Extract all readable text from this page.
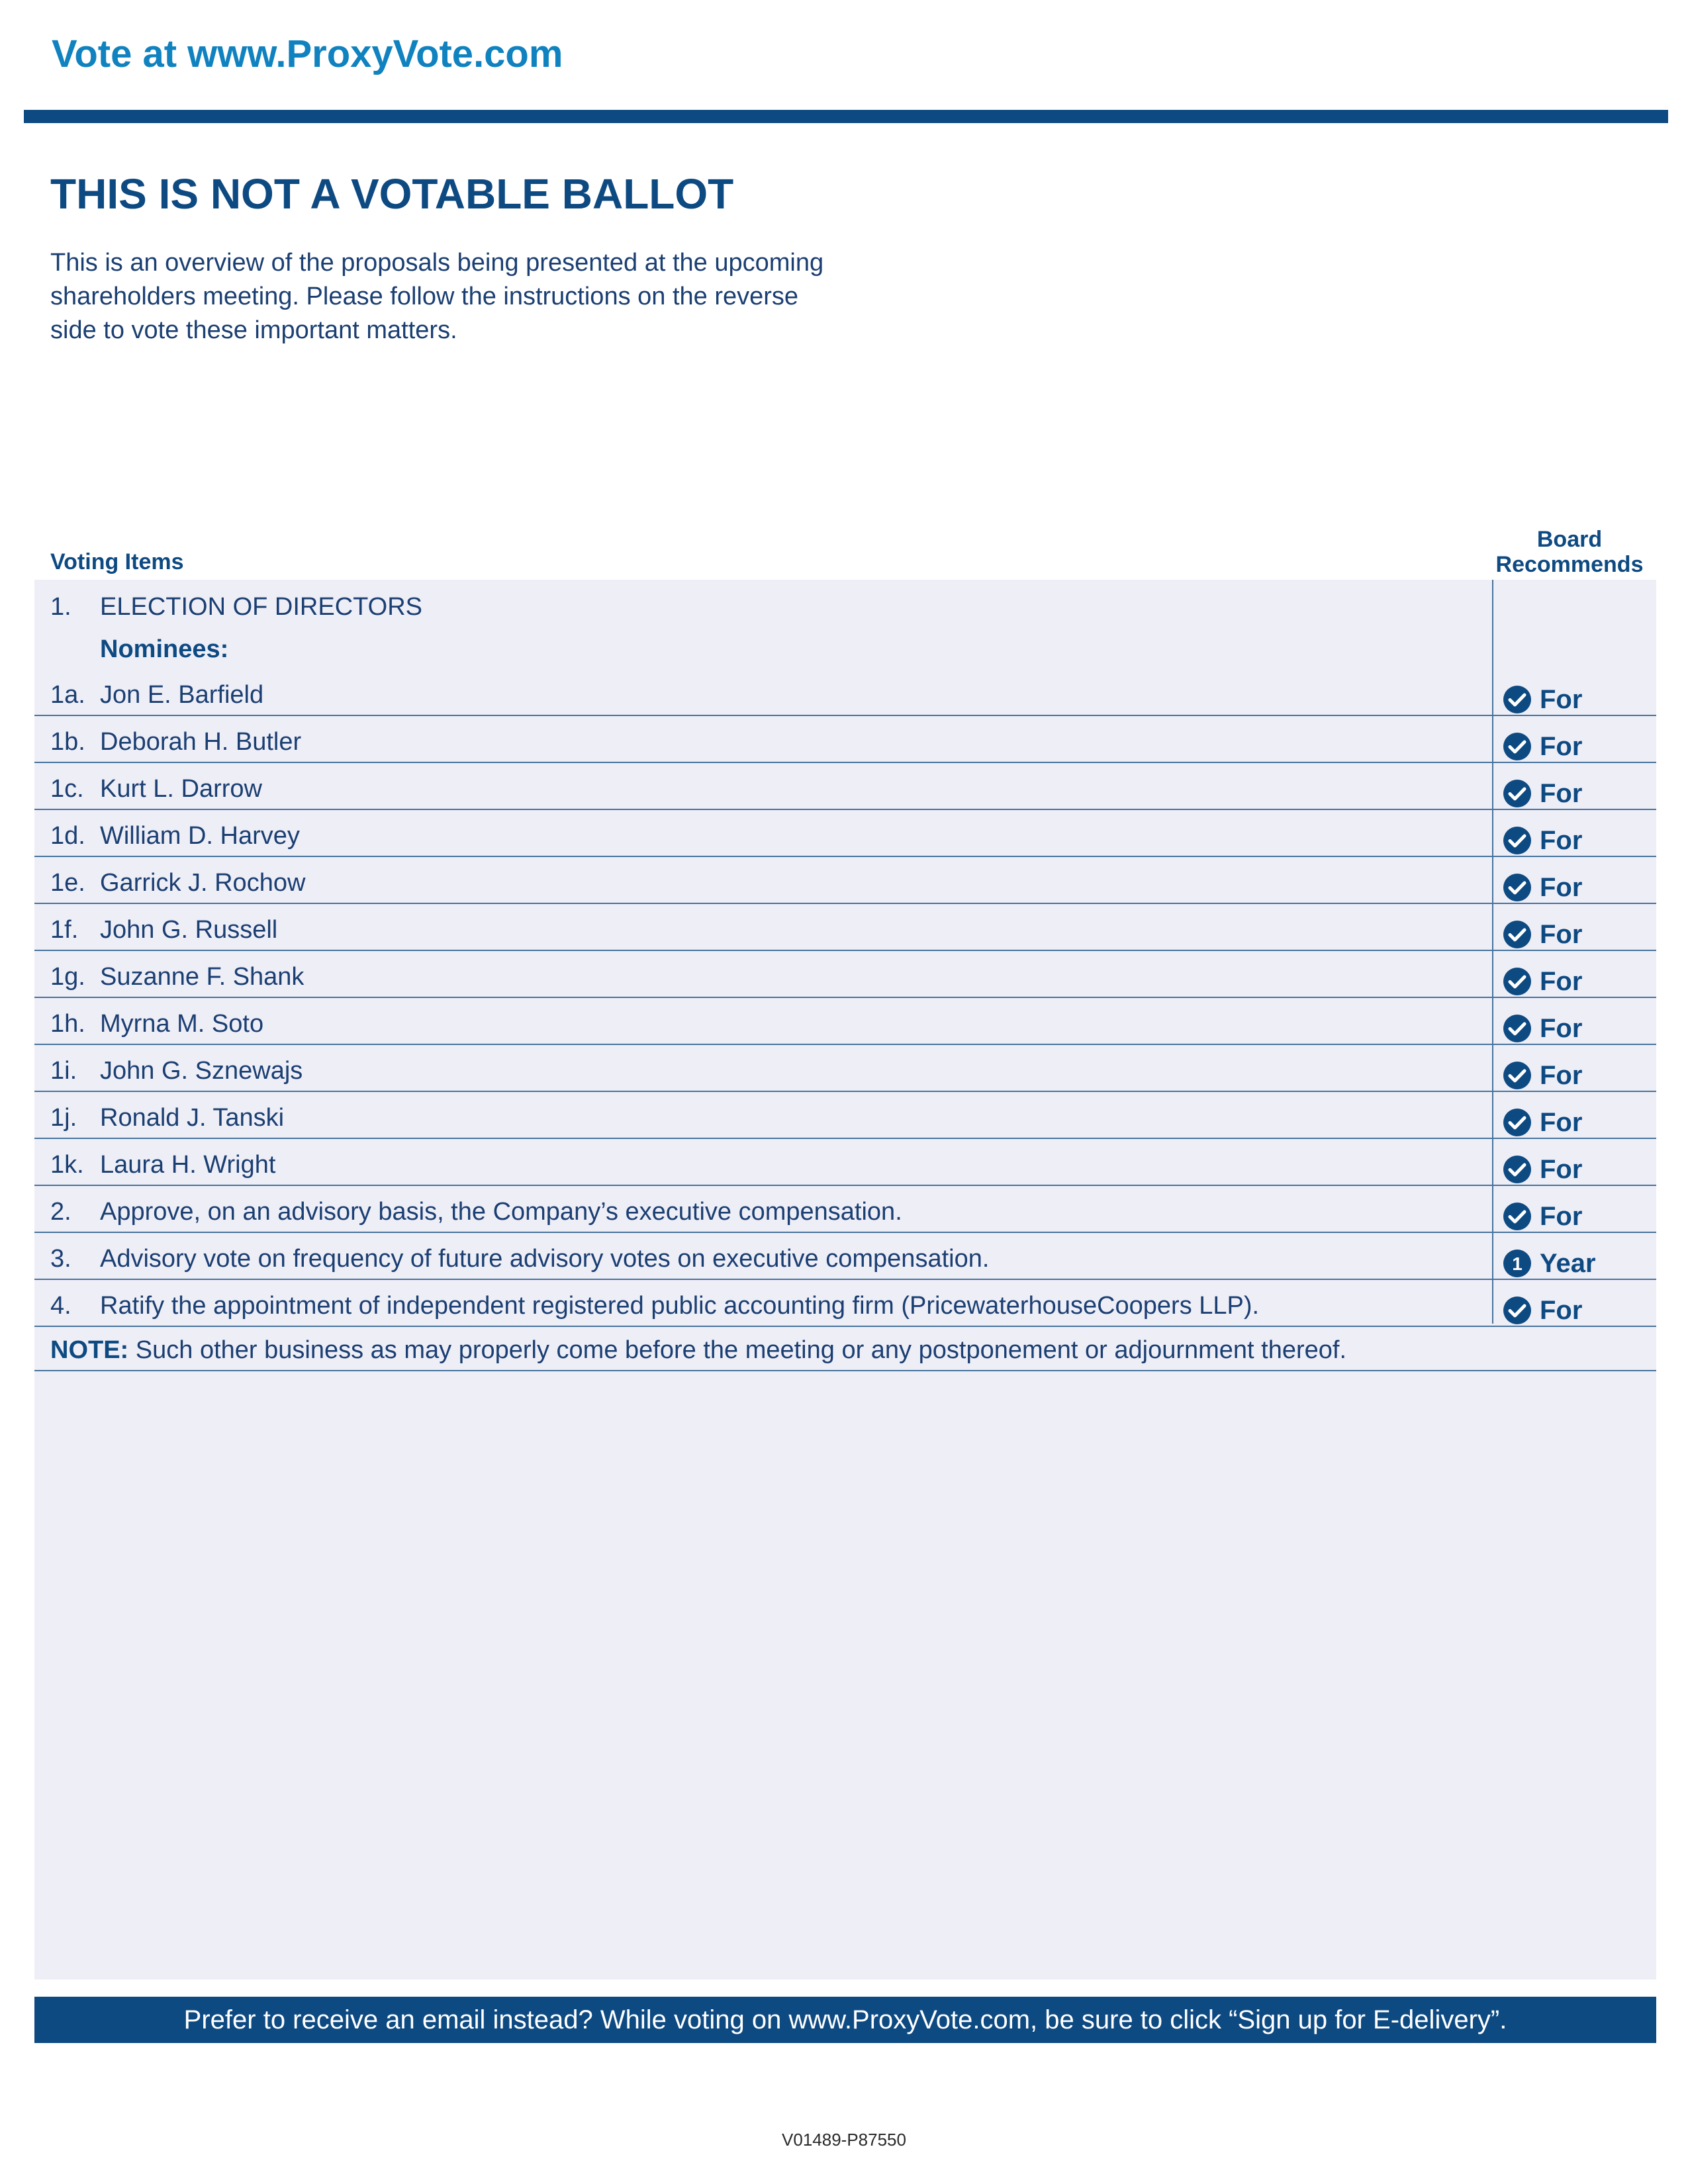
Vote at www.ProxyVote.com
THIS IS NOT A VOTABLE BALLOT
This is an overview of the proposals being presented at the upcoming shareholders meeting. Please follow the instructions on the reverse side to vote these important matters.
Voting Items
Board Recommends
1. ELECTION OF DIRECTORS
Nominees:
1a. Jon E. Barfield	For
1b. Deborah H. Butler	For
1c. Kurt L. Darrow	For
1d. William D. Harvey	For
1e. Garrick J. Rochow	For
1f. John G. Russell	For
1g. Suzanne F. Shank	For
1h. Myrna M. Soto	For
1i. John G. Sznewajs	For
1j. Ronald J. Tanski	For
1k. Laura H. Wright	For
2. Approve, on an advisory basis, the Company’s executive compensation.	For
3. Advisory vote on frequency of future advisory votes on executive compensation.	1 Year
4. Ratify the appointment of independent registered public accounting firm (PricewaterhouseCoopers LLP).	For
NOTE: Such other business as may properly come before the meeting or any postponement or adjournment thereof.
Prefer to receive an email instead? While voting on www.ProxyVote.com, be sure to click “Sign up for E-delivery”.
V01489-P87550
